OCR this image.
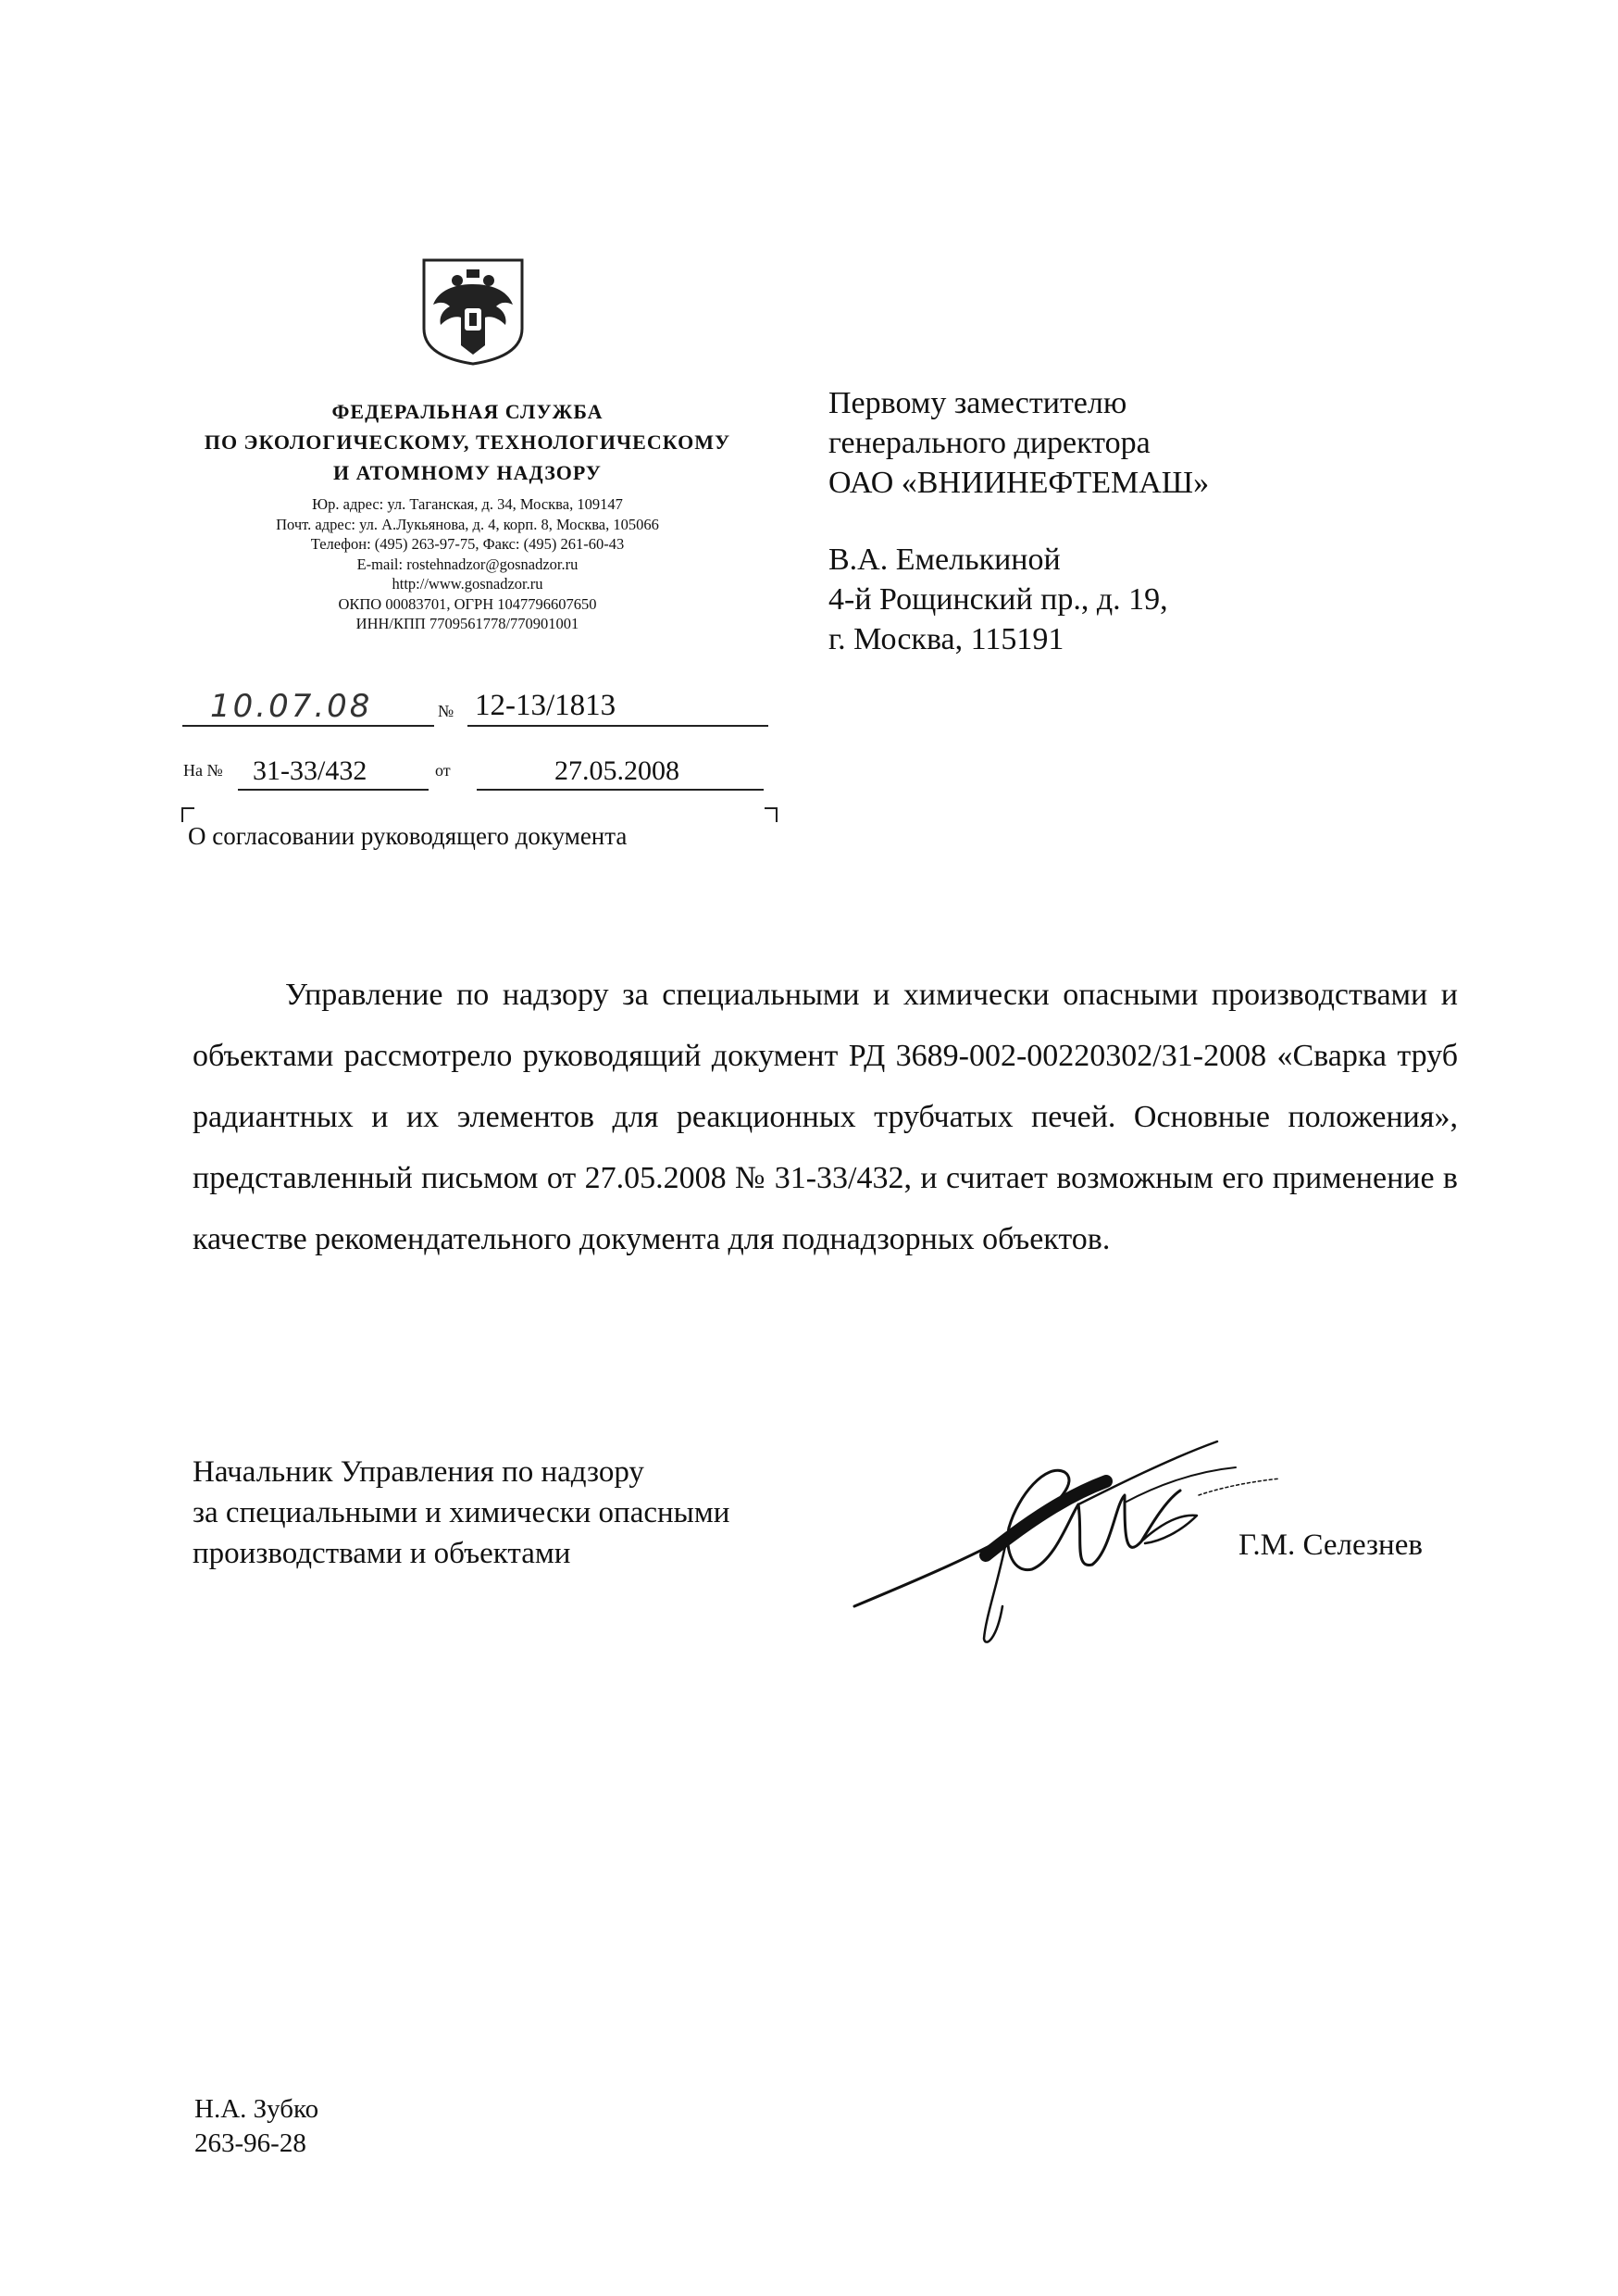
ФЕДЕРАЛЬНАЯ СЛУЖБА
ПО ЭКОЛОГИЧЕСКОМУ, ТЕХНОЛОГИЧЕСКОМУ
И АТОМНОМУ НАДЗОРУ
Юр. адрес: ул. Таганская, д. 34, Москва, 109147
Почт. адрес: ул. А.Лукьянова, д. 4, корп. 8, Москва, 105066
Телефон: (495) 263-97-75, Факс: (495) 261-60-43
E-mail: rostehnadzor@gosnadzor.ru
http://www.gosnadzor.ru
ОКПО 00083701, ОГРН 1047796607650
ИНН/КПП 7709561778/770901001
Первому заместителю
генерального директора
ОАО «ВНИИНЕФТЕМАШ»
В.А. Емелькиной
4-й Рощинский пр., д. 19,
г. Москва, 115191
10.07.08	№ 12-13/1813
На № 31-33/432	от	27.05.2008
О согласовании руководящего документа

Управление по надзору за специальными и химически опасными производствами и объектами рассмотрело руководящий документ РД 3689-002-00220302/31-2008 «Сварка труб радиантных и их элементов для реакционных трубчатых печей. Основные положения», представленный письмом от 27.05.2008 № 31-33/432, и считает возможным его применение в качестве рекомендательного документа для поднадзорных объектов.

Начальник Управления по надзору
за специальными и химически опасными
производствами и объектами	Г.М. Селезнев
Н.А. Зубко
263-96-28
